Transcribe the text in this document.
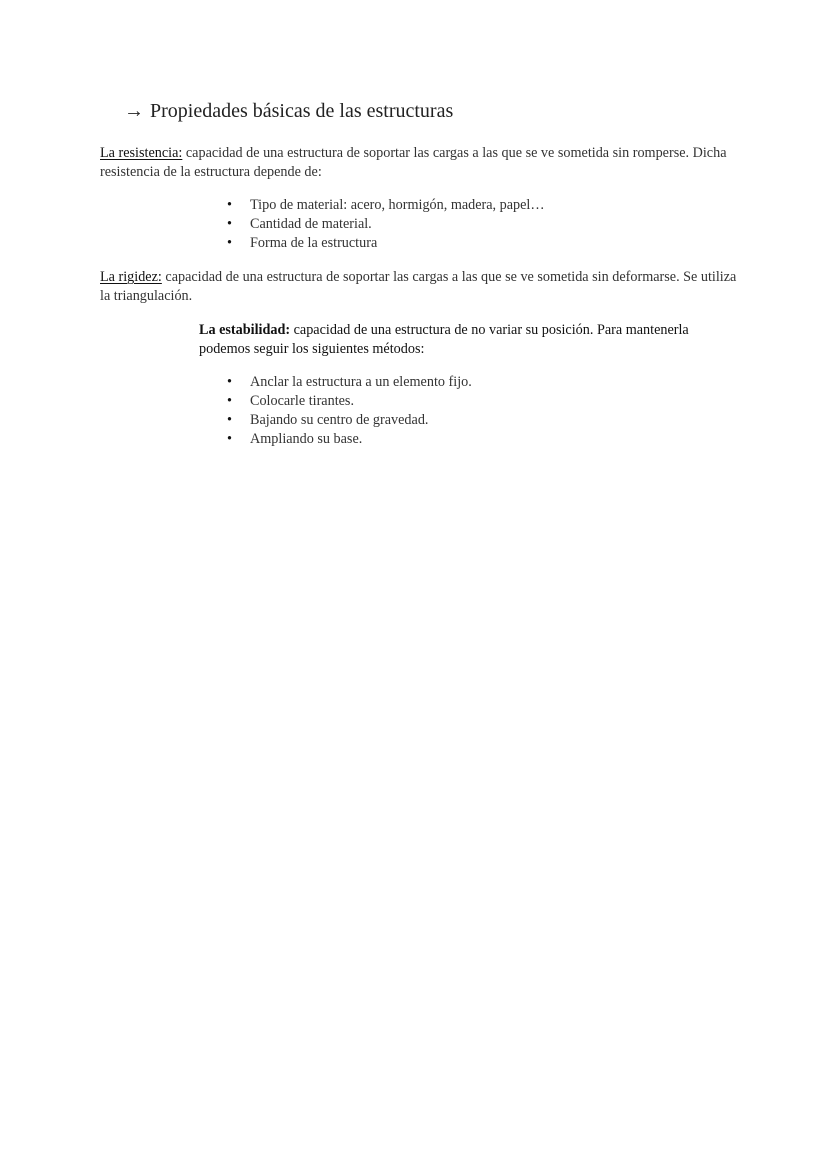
→ Propiedades básicas de las estructuras

La resistencia: capacidad de una estructura de soportar las cargas a las que se ve sometida sin romperse. Dicha resistencia de la estructura depende de:

• Tipo de material: acero, hormigón, madera, papel…
• Cantidad de material.
• Forma de la estructura

La rigidez: capacidad de una estructura de soportar las cargas a las que se ve sometida sin deformarse. Se utiliza la triangulación.

La estabilidad: capacidad de una estructura de no variar su posición. Para mantenerla podemos seguir los siguientes métodos:

• Anclar la estructura a un elemento fijo.
• Colocarle tirantes.
• Bajando su centro de gravedad.
• Ampliando su base.
